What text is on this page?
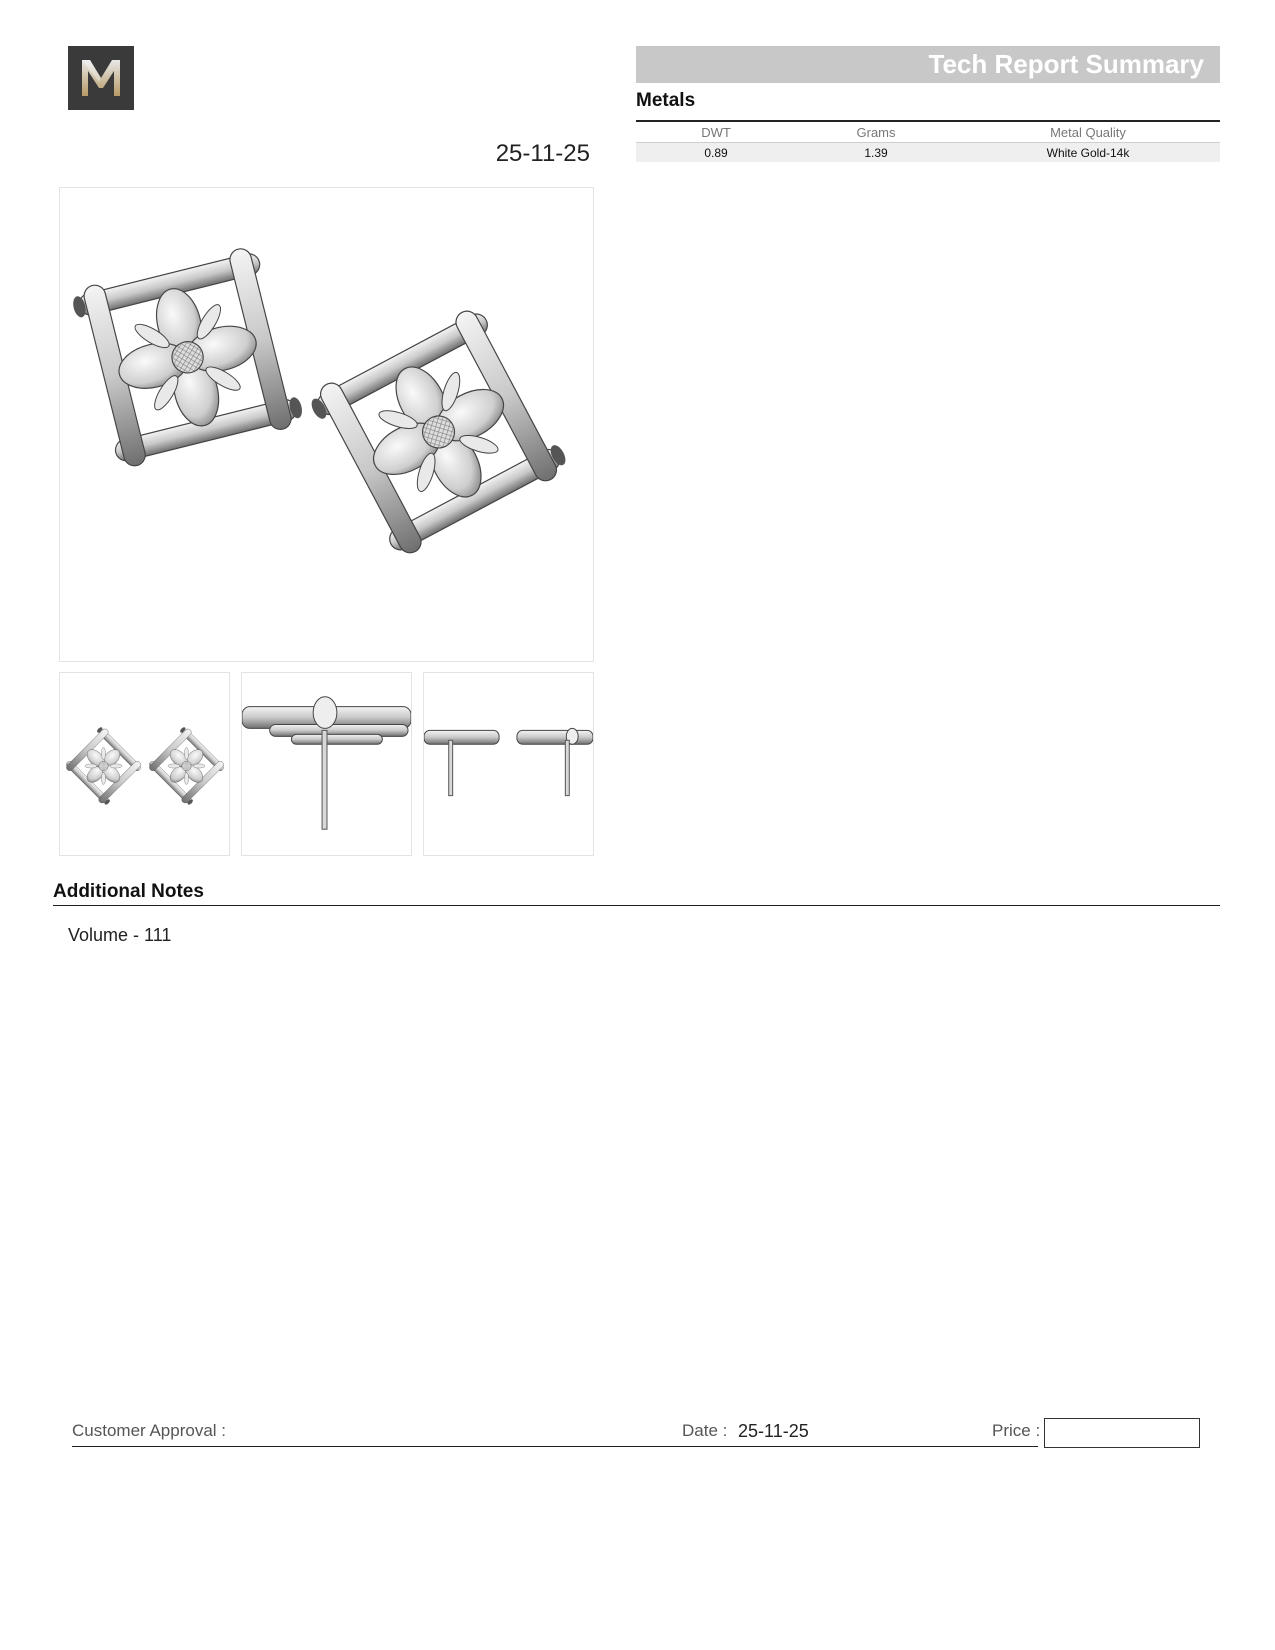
Tech Report Summary
25-11-25
Metals
DWT	Grams	Metal Quality
0.89	1.39	White Gold-14k
Additional Notes
Volume - 111
Customer Approval :	Date : 25-11-25	Price :
